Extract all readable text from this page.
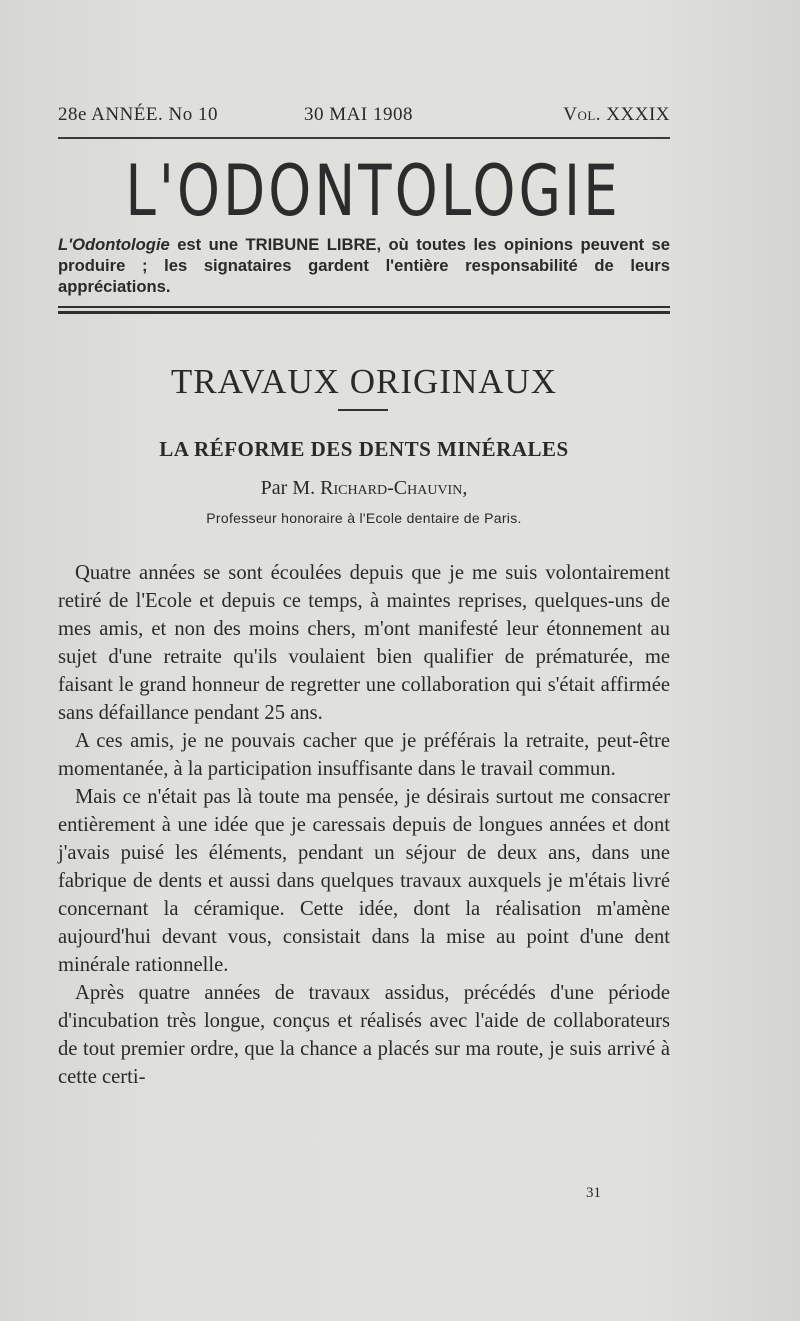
28e ANNÉE. No 10	30 MAI 1908	Vol. XXXIX
L'ODONTOLOGIE
L'Odontologie est une TRIBUNE LIBRE, où toutes les opinions peuvent se produire ; les signataires gardent l'entière responsabilité de leurs appréciations.
TRAVAUX ORIGINAUX
LA RÉFORME DES DENTS MINÉRALES
Par M. Richard-Chauvin,
Professeur honoraire à l'Ecole dentaire de Paris.

Quatre années se sont écoulées depuis que je me suis volontairement retiré de l'Ecole et depuis ce temps, à maintes reprises, quelques-uns de mes amis, et non des moins chers, m'ont manifesté leur étonnement au sujet d'une retraite qu'ils voulaient bien qualifier de prématurée, me faisant le grand honneur de regretter une collaboration qui s'était affirmée sans défaillance pendant 25 ans.

A ces amis, je ne pouvais cacher que je préférais la retraite, peut-être momentanée, à la participation insuffisante dans le travail commun.

Mais ce n'était pas là toute ma pensée, je désirais surtout me consacrer entièrement à une idée que je caressais depuis de longues années et dont j'avais puisé les éléments, pendant un séjour de deux ans, dans une fabrique de dents et aussi dans quelques travaux auxquels je m'étais livré concernant la céramique. Cette idée, dont la réalisation m'amène aujourd'hui devant vous, consistait dans la mise au point d'une dent minérale rationnelle.

Après quatre années de travaux assidus, précédés d'une période d'incubation très longue, conçus et réalisés avec l'aide de collaborateurs de tout premier ordre, que la chance a placés sur ma route, je suis arrivé à cette certi-

31
